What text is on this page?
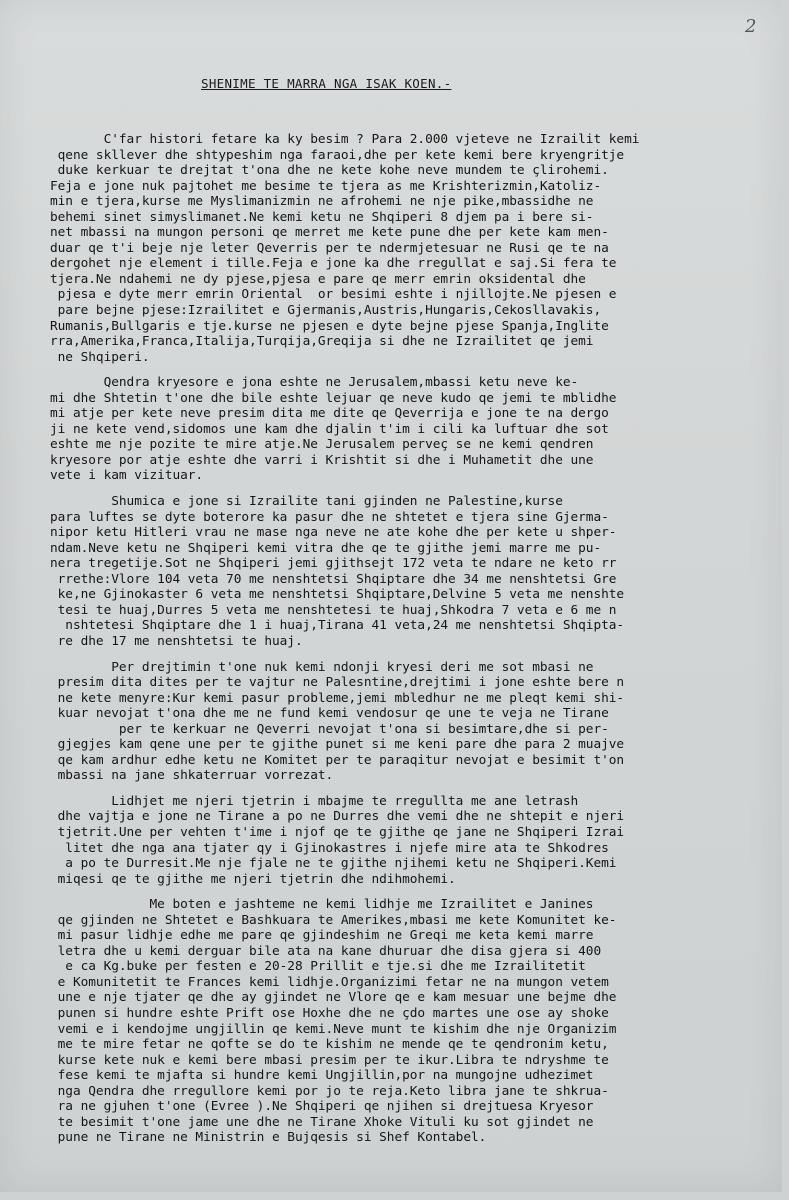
2
SHENIME TE MARRA NGA ISAK KOEN.-
C'far histori fetare ka ky besim ? Para 2.000 vjeteve ne Izrailit kemi
qene skllever dhe shtypeshim nga faraoi,dhe per kete kemi bere kryengritje
duke kerkuar te drejtat t'ona dhe ne kete kohe neve mundem te çlirohemi.
Feja e jone nuk pajtohet me besime te tjera as me Krishterizmin,Katoliz-
min e tjera,kurse me Myslimanizmin ne afrohemi ne nje pike,mbassidhe ne
behemi sinet simyslimanet.Ne kemi ketu ne Shqiperi 8 djem pa i bere si-
net mbassi na mungon personi qe merret me kete pune dhe per kete kam men-
duar qe t'i beje nje leter Qeverris per te ndermjetesuar ne Rusi qe te na
dergohet nje element i tille.Feja e jone ka dhe rregullat e saj.Si fera te
tjera.Ne ndahemi ne dy pjese,pjesa e pare qe merr emrin oksidental dhe
pjesa e dyte merr emrin Oriental  or besimi eshte i njillojte.Ne pjesen e
pare bejne pjese:Izrailitet e Gjermanis,Austris,Hungaris,Cekosllavakis,
Rumanis,Bullgaris e tje.kurse ne pjesen e dyte bejne pjese Spanja,Inglite
rra,Amerika,Franca,Italija,Turqija,Greqija si dhe ne Izrailitet qe jemi
ne Shqiperi.
Qendra kryesore e jona eshte ne Jerusalem,mbassi ketu neve ke-
mi dhe Shtetin t'one dhe bile eshte lejuar qe neve kudo qe jemi te mblidhe
mi atje per kete neve presim dita me dite qe Qeverrija e jone te na dergo
ji ne kete vend,sidomos une kam dhe djalin t'im i cili ka luftuar dhe sot
eshte me nje pozite te mire atje.Ne Jerusalem perveç se ne kemi qendren
kryesore por atje eshte dhe varri i Krishtit si dhe i Muhametit dhe une
vete i kam vizituar.
Shumica e jone si Izrailite tani gjinden ne Palestine,kurse
para luftes se dyte boterore ka pasur dhe ne shtetet e tjera sine Gjerma-
nipor ketu Hitleri vrau ne mase nga neve ne ate kohe dhe per kete u shper-
ndam.Neve ketu ne Shqiperi kemi vitra dhe qe te gjithe jemi marre me pu-
nera tregetije.Sot ne Shqiperi jemi gjithsejt 172 veta te ndare ne keto rr
rrethe:Vlore 104 veta 70 me nenshtetsi Shqiptare dhe 34 me nenshtetsi Gre
ke,ne Gjinokaster 6 veta me nenshtetsi Shqiptare,Delvine 5 veta me nenshte
tesi te huaj,Durres 5 veta me nenshtetesi te huaj,Shkodra 7 veta e 6 me n
nshtetesi Shqiptare dhe 1 i huaj,Tirana 41 veta,24 me nenshtetsi Shqipta-
re dhe 17 me nenshtetsi te huaj.
Per drejtimin t'one nuk kemi ndonji kryesi deri me sot mbasi ne
presim dita dites per te vajtur ne Palesntine,drejtimi i jone eshte bere n
ne kete menyre:Kur kemi pasur probleme,jemi mbledhur ne me pleqt kemi shi-
kuar nevojat t'ona dhe me ne fund kemi vendosur qe une te veja ne Tirane
per te kerkuar ne Qeverri nevojat t'ona si besimtare,dhe si per-
gjegjes kam qene une per te gjithe punet si me keni pare dhe para 2 muajve
qe kam ardhur edhe ketu ne Komitet per te paraqitur nevojat e besimit t'on
mbassi na jane shkaterruar vorrezat.
Lidhjet me njeri tjetrin i mbajme te rregullta me ane letrash
dhe vajtja e jone ne Tirane a po ne Durres dhe vemi dhe ne shtepit e njeri
tjetrit.Une per vehten t'ime i njof qe te gjithe qe jane ne Shqiperi Izrai
litet dhe nga ana tjater qy i Gjinokastres i njefe mire ata te Shkodres
a po te Durresit.Me nje fjale ne te gjithe njihemi ketu ne Shqiperi.Kemi
miqesi qe te gjithe me njeri tjetrin dhe ndihmohemi.
Me boten e jashteme ne kemi lidhje me Izrailitet e Janines
qe gjinden ne Shtetet e Bashkuara te Amerikes,mbasi me kete Komunitet ke-
mi pasur lidhje edhe me pare qe gjindeshim ne Greqi me keta kemi marre
letra dhe u kemi derguar bile ata na kane dhuruar dhe disa gjera si 400
e ca Kg.buke per festen e 20-28 Prillit e tje.si dhe me Izrailitetit
e Komunitetit te Frances kemi lidhje.Organizimi fetar ne na mungon vetem
une e nje tjater qe dhe ay gjindet ne Vlore qe e kam mesuar une bejme dhe
punen si hundre eshte Prift ose Hoxhe dhe ne çdo martes une ose ay shoke
vemi e i kendojme ungjillin qe kemi.Neve munt te kishim dhe nje Organizim
me te mire fetar ne qofte se do te kishim ne mende qe te qendronim ketu,
kurse kete nuk e kemi bere mbasi presim per te ikur.Libra te ndryshme te
fese kemi te mjafta si hundre kemi Ungjillin,por na mungojne udhezimet
nga Qendra dhe rregullore kemi por jo te reja.Keto libra jane te shkrua-
ra ne gjuhen t'one (Evree ).Ne Shqiperi qe njihen si drejtuesa Kryesor
te besimit t'one jame une dhe ne Tirane Xhoke Vituli ku sot gjindet ne
pune ne Tirane ne Ministrin e Bujqesis si Shef Kontabel.
